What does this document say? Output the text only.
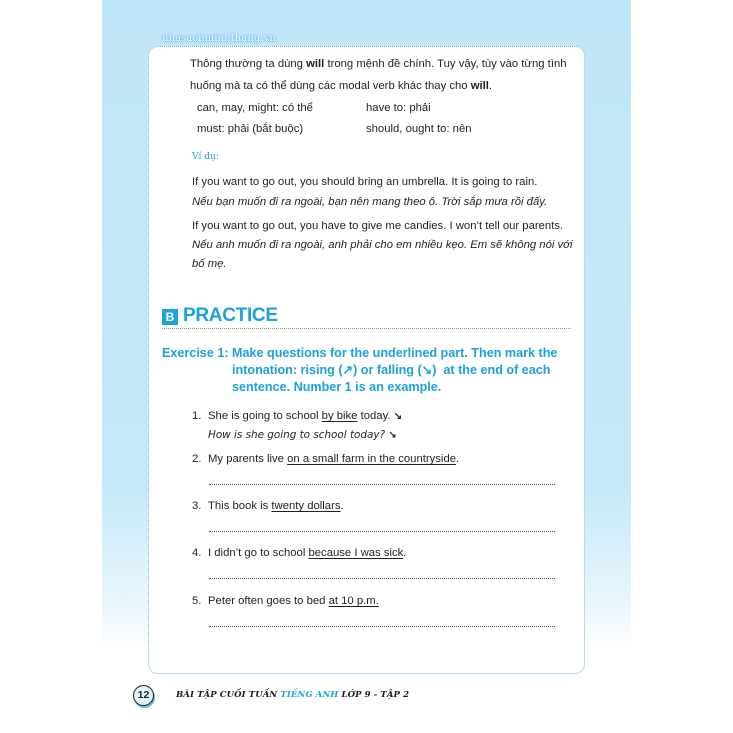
nhasachminhthang.vn
Thông thường ta dùng will trong mệnh đề chính. Tuy vậy, tùy vào từng tình
huống mà ta có thể dùng các modal verb khác thay cho will.
can, may, might: có thể	have to: phải
must: phải (bắt buộc)	should, ought to: nên
Ví dụ:
If you want to go out, you should bring an umbrella. It is going to rain.
Nếu bạn muốn đi ra ngoài, bạn nên mang theo ô. Trời sắp mưa rồi đấy.
If you want to go out, you have to give me candies. I won’t tell our parents.
Nếu anh muốn đi ra ngoài, anh phải cho em nhiều kẹo. Em sẽ không nói với
bố mẹ.
B PRACTICE
Exercise 1: Make questions for the underlined part. Then mark the
intonation: rising (↗) or falling (↘)  at the end of each
sentence. Number 1 is an example.
1. She is going to school by bike today. ↘
How is she going to school today? ↘
2. My parents live on a small farm in the countryside.
3. This book is twenty dollars.
4. I didn’t go to school because I was sick.
5. Peter often goes to bed at 10 p.m.
12	BÀI TẬP CUỐI TUẦN TIẾNG ANH LỚP 9 - TẬP 2
